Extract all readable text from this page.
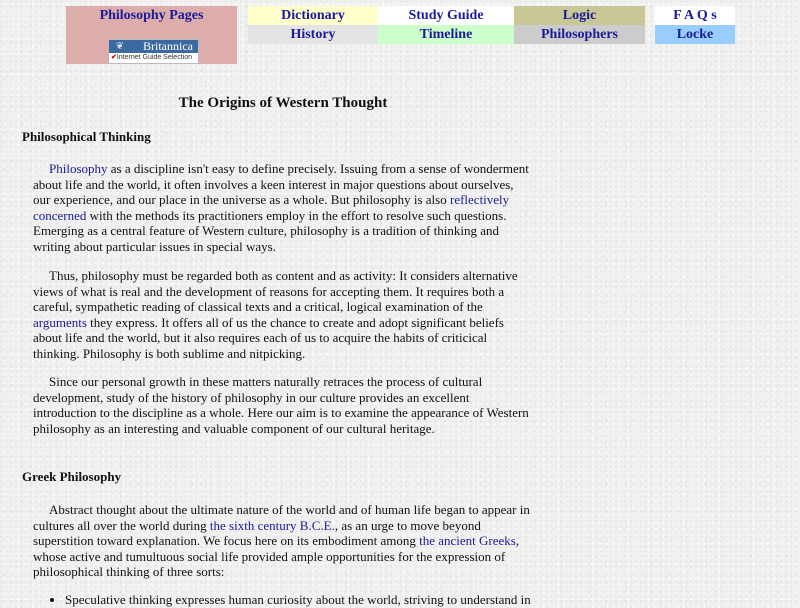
Philosophy Pages
❦ Britannica
✔Internet Guide Selection
Dictionary	Study Guide	Logic	F A Q s
History	Timeline	Philosophers	Locke
The Origins of Western Thought
Philosophical Thinking

Philosophy as a discipline isn't easy to define precisely. Issuing from a sense of wonderment about life and the world, it often involves a keen interest in major questions about ourselves, our experience, and our place in the universe as a whole. But philosophy is also reflectively concerned with the methods its practitioners employ in the effort to resolve such questions. Emerging as a central feature of Western culture, philosophy is a tradition of thinking and writing about particular issues in special ways.

Thus, philosophy must be regarded both as content and as activity: It considers alternative views of what is real and the development of reasons for accepting them. It requires both a careful, sympathetic reading of classical texts and a critical, logical examination of the arguments they express. It offers all of us the chance to create and adopt significant beliefs about life and the world, but it also requires each of us to acquire the habits of criticical thinking. Philosophy is both sublime and nitpicking.

Since our personal growth in these matters naturally retraces the process of cultural development, study of the history of philosophy in our culture provides an excellent introduction to the discipline as a whole. Here our aim is to examine the appearance of Western philosophy as an interesting and valuable component of our cultural heritage.

Greek Philosophy

Abstract thought about the ultimate nature of the world and of human life began to appear in cultures all over the world during the sixth century B.C.E., as an urge to move beyond superstition toward explanation. We focus here on its embodiment among the ancient Greeks, whose active and tumultuous social life provided ample opportunities for the expression of philosophical thinking of three sorts:

• Speculative thinking expresses human curiosity about the world, striving to understand in
